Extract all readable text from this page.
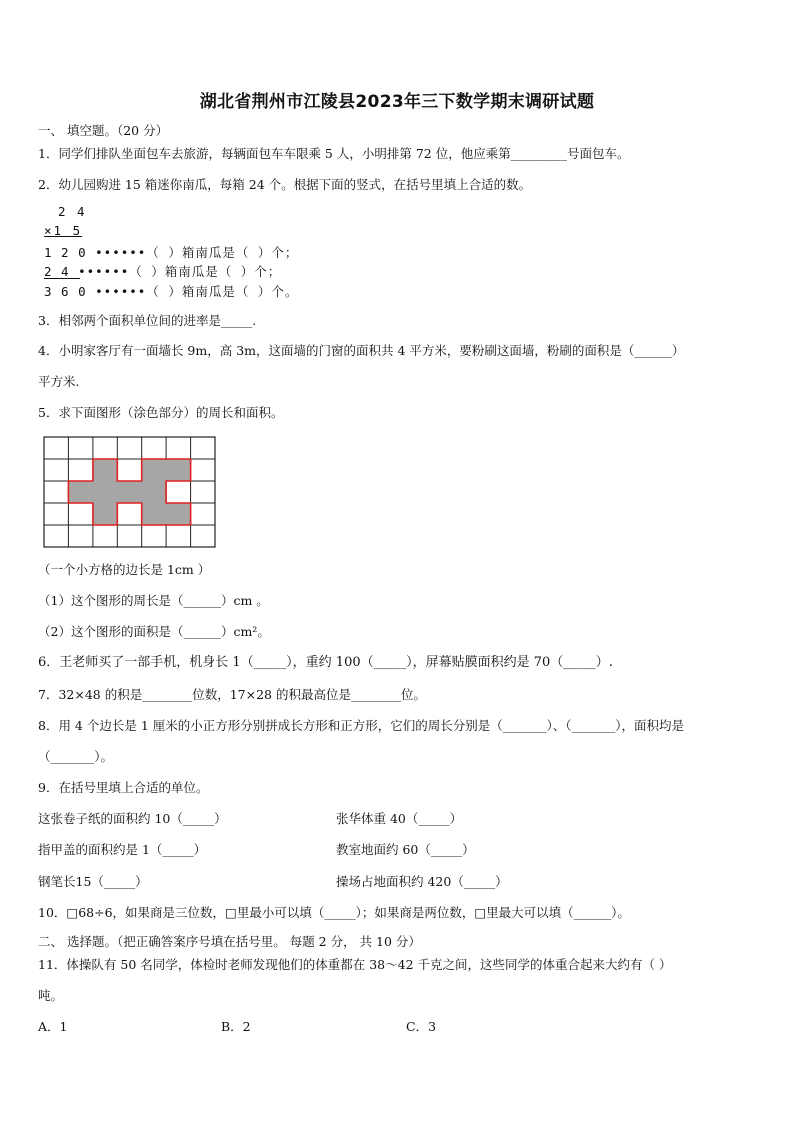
湖北省荆州市江陵县2023年三下数学期末调研试题
一、 填空题。（20 分）
1．同学们排队坐面包车去旅游，每辆面包车车限乘 5 人，小明排第 72 位，他应乘第_________号面包车。
2．幼儿园购进 15 箱迷你南瓜，每箱 24 个。根据下面的竖式，在括号里填上合适的数。
2 4
×1 5
1 2 0 ••••••（ ）箱南瓜是（ ）个；
2 4 ••••••（ ）箱南瓜是（ ）个；
3 6 0 ••••••（ ）箱南瓜是（ ）个。
3．相邻两个面积单位间的进率是_____.
4．小明家客厅有一面墙长 9m，高 3m，这面墙的门窗的面积共 4 平方米，要粉刷这面墙，粉刷的面积是（______）
平方米.
5．求下面图形（涂色部分）的周长和面积。
（一个小方格的边长是 1cm ）
（1）这个图形的周长是（______）cm 。
（2）这个图形的面积是（______）cm²。
6．王老师买了一部手机，机身长 1（_____），重约 100（_____），屏幕贴膜面积约是 70（_____）.
7．32×48 的积是________位数，17×28 的积最高位是________位。
8．用 4 个边长是 1 厘米的小正方形分别拼成长方形和正方形，它们的周长分别是（_______）、（_______），面积均是
（_______）。
9．在括号里填上合适的单位。
这张卷子纸的面积约 10（_____）	张华体重 40（_____）
指甲盖的面积约是 1（_____）	教室地面约 60（_____）
钢笔长15（_____）	操场占地面积约 420（_____）
10．□68÷6，如果商是三位数，□里最小可以填（_____）；如果商是两位数，□里最大可以填（______）。
二、 选择题。（把正确答案序号填在括号里。 每题 2 分， 共 10 分）
11．体操队有 50 名同学，体检时老师发现他们的体重都在 38～42 千克之间，这些同学的体重合起来大约有（ ）
吨。
A．1	B．2	C．3
